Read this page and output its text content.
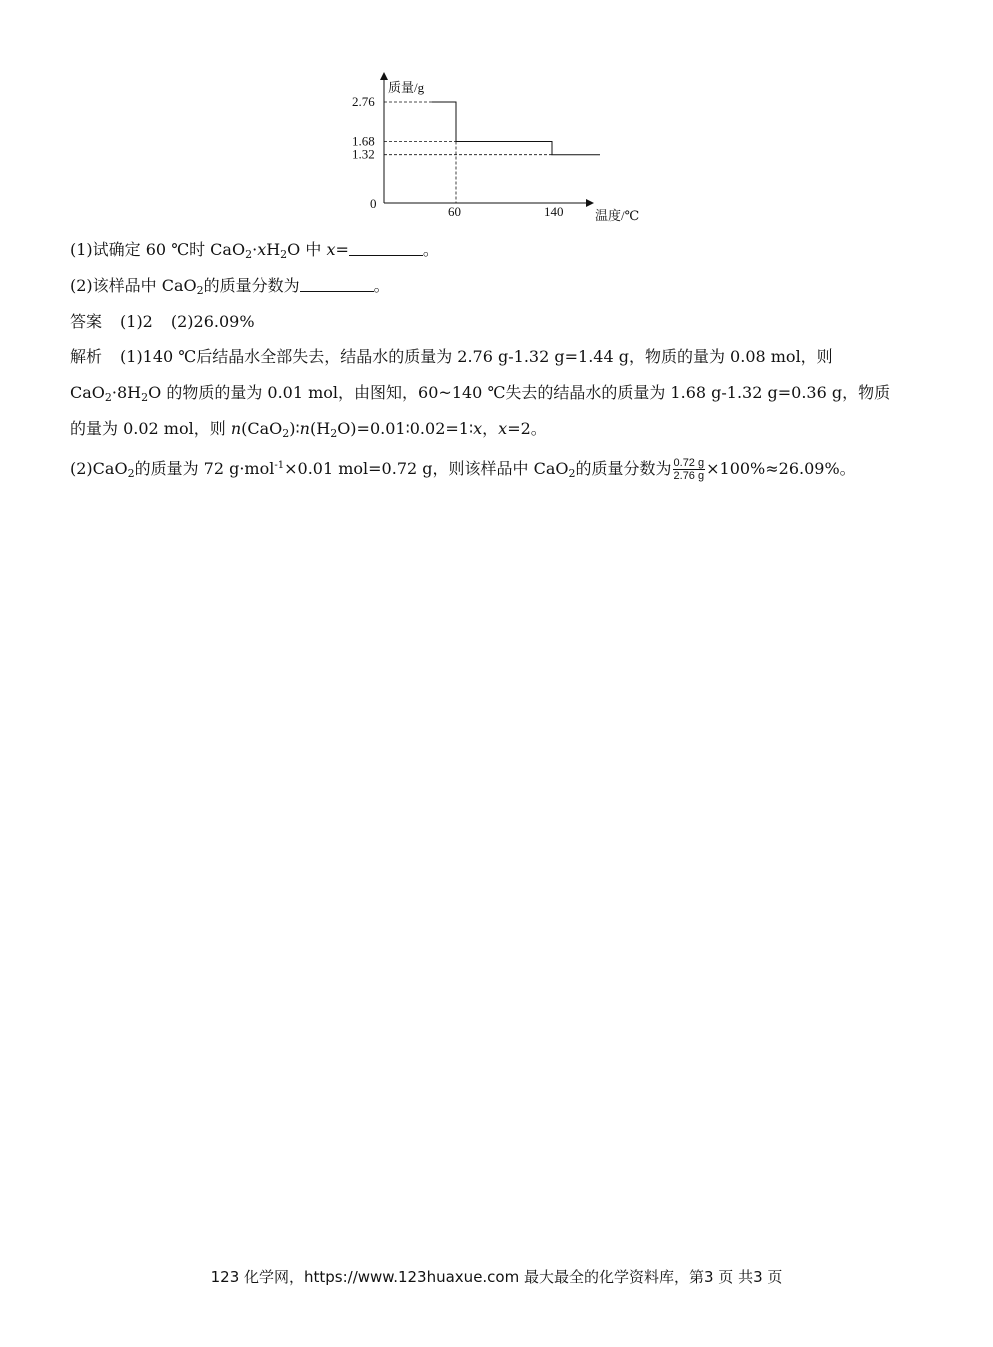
质量/g
温度/℃
0
2.76
1.68
1.32
60	140
(1)试确定 60 ℃时 $CaO_2\cdot xH_2O$ 中 x=	。
(2)该样品中 CaO$_2$的质量分数为	。
答案 (1)2 (2)26.09%
解析 (1)140 ℃后结晶水全部失去，结晶水的质量为 2.76 g-1.32 g=1.44 g，物质的量为 0.08 mol，则
$CaO_2\cdot 8H_2O$ 的物质的量为 0.01 mol，由图知，60~140 ℃失去的结晶水的质量为 1.68 g-1.32 g=0.36 g，物质
的量为 0.02 mol，则 $n(CaO_2)∶n(H_2O)=0.01∶0.02=1∶x$，x=2。
(2)CaO$_2$的质量为 72 g·mol$^{-1}$×0.01 mol=0.72 g，则该样品中 CaO$_2$的质量分数为 $\frac{0.72 g}{2.76 g} \times 100\%\approx 26.09\%$。
123 化学网，https://www.123huaxue.com 最大最全的化学资料库，第3 页 共3 页
